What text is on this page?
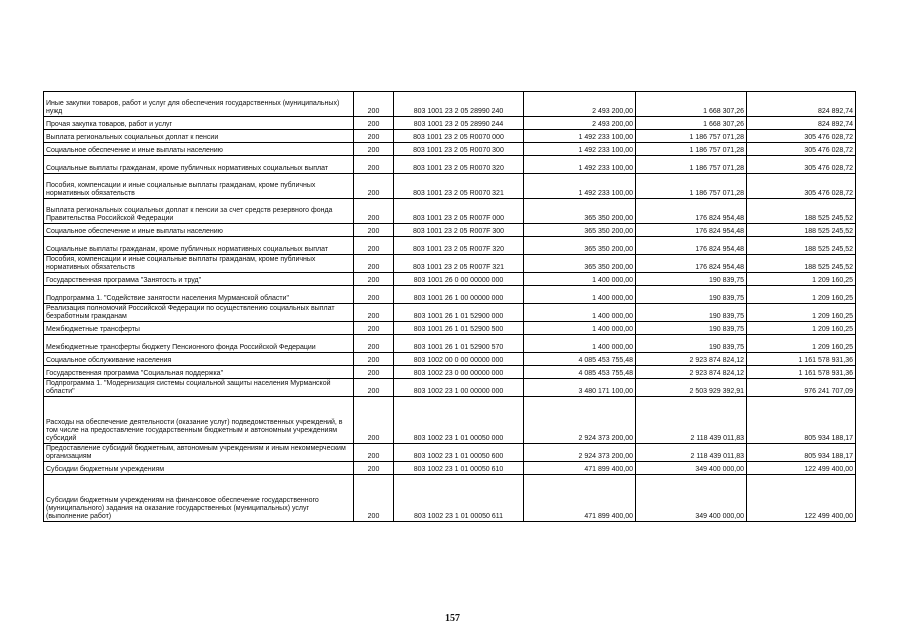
Иные закупки товаров, работ и услуг для обеспечения государственных (муниципальных) нужд	200	803 1001 23 2 05 28990 240	2 493 200,00	1 668 307,26	824 892,74
Прочая закупка товаров, работ и услуг	200	803 1001 23 2 05 28990 244	2 493 200,00	1 668 307,26	824 892,74
Выплата региональных социальных доплат к пенсии	200	803 1001 23 2 05 R0070 000	1 492 233 100,00	1 186 757 071,28	305 476 028,72
Социальное обеспечение и иные выплаты населению	200	803 1001 23 2 05 R0070 300	1 492 233 100,00	1 186 757 071,28	305 476 028,72
Социальные выплаты гражданам, кроме публичных нормативных социальных выплат	200	803 1001 23 2 05 R0070 320	1 492 233 100,00	1 186 757 071,28	305 476 028,72
Пособия, компенсации и иные социальные выплаты гражданам, кроме публичных нормативных обязательств	200	803 1001 23 2 05 R0070 321	1 492 233 100,00	1 186 757 071,28	305 476 028,72
Выплата региональных социальных доплат к пенсии за счет средств резервного фонда Правительства Российской Федерации	200	803 1001 23 2 05 R007F 000	365 350 200,00	176 824 954,48	188 525 245,52
Социальное обеспечение и иные выплаты населению	200	803 1001 23 2 05 R007F 300	365 350 200,00	176 824 954,48	188 525 245,52
Социальные выплаты гражданам, кроме публичных нормативных социальных выплат	200	803 1001 23 2 05 R007F 320	365 350 200,00	176 824 954,48	188 525 245,52
Пособия, компенсации и иные социальные выплаты гражданам, кроме публичных нормативных обязательств	200	803 1001 23 2 05 R007F 321	365 350 200,00	176 824 954,48	188 525 245,52
Государственная программа "Занятость и труд"	200	803 1001 26 0 00 00000 000	1 400 000,00	190 839,75	1 209 160,25
Подпрограмма 1. "Содействие занятости населения Мурманской области"	200	803 1001 26 1 00 00000 000	1 400 000,00	190 839,75	1 209 160,25
Реализация полномочий Российской Федерации по осуществлению социальных выплат безработным гражданам	200	803 1001 26 1 01 52900 000	1 400 000,00	190 839,75	1 209 160,25
Межбюджетные трансферты	200	803 1001 26 1 01 52900 500	1 400 000,00	190 839,75	1 209 160,25
Межбюджетные трансферты бюджету Пенсионного фонда Российской Федерации	200	803 1001 26 1 01 52900 570	1 400 000,00	190 839,75	1 209 160,25
Социальное обслуживание населения	200	803 1002 00 0 00 00000 000	4 085 453 755,48	2 923 874 824,12	1 161 578 931,36
Государственная программа "Социальная поддержка"	200	803 1002 23 0 00 00000 000	4 085 453 755,48	2 923 874 824,12	1 161 578 931,36
Подпрограмма 1. "Модернизация системы социальной защиты населения Мурманской области"	200	803 1002 23 1 00 00000 000	3 480 171 100,00	2 503 929 392,91	976 241 707,09
Расходы на обеспечение деятельности (оказание услуг) подведомственных учреждений, в том числе на предоставление государственным бюджетным и автономным учреждениям субсидий	200	803 1002 23 1 01 00050 000	2 924 373 200,00	2 118 439 011,83	805 934 188,17
Предоставление субсидий бюджетным, автономным учреждениям и иным некоммерческим организациям	200	803 1002 23 1 01 00050 600	2 924 373 200,00	2 118 439 011,83	805 934 188,17
Субсидии бюджетным учреждениям	200	803 1002 23 1 01 00050 610	471 899 400,00	349 400 000,00	122 499 400,00
Субсидии бюджетным учреждениям на финансовое обеспечение государственного (муниципального) задания на оказание государственных (муниципальных) услуг (выполнение работ)	200	803 1002 23 1 01 00050 611	471 899 400,00	349 400 000,00	122 499 400,00
157
